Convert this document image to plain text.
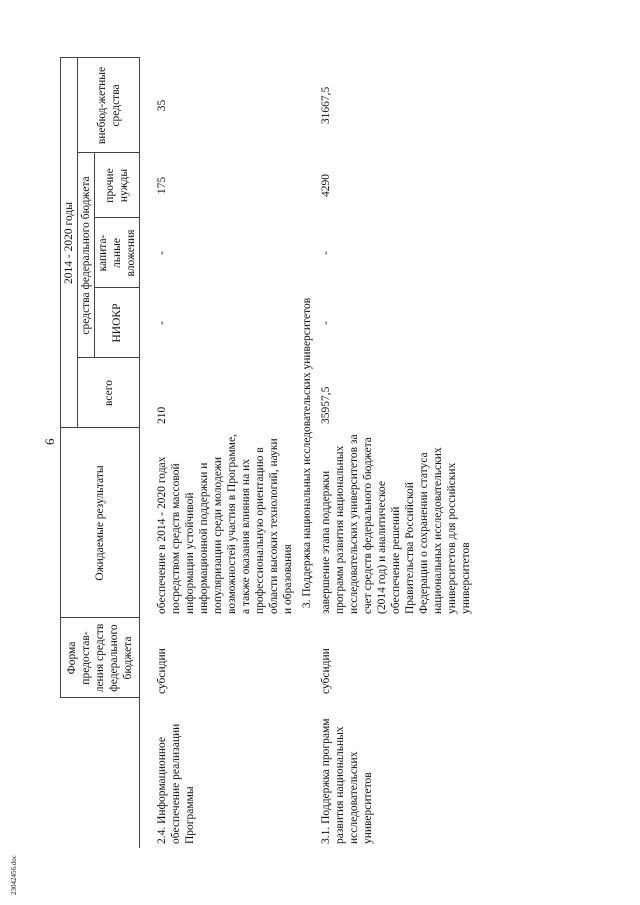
6
23042456.doc
	Форма предостав-ления средств федерального бюджета	Ожидаемые результаты	2014 - 2020 годы				
			всего	средства федерального бюджета			внебюд-жетные средства
				НИОКР	капита-льные вложения	прочие нужды	

2.4. Информационное обеспечение реализации Программы	субсидии	обеспечение в 2014 - 2020 годах посредством средств массовой информации устойчивой информационной поддержки и популяризации среди молодежи возможностей участия в Программе, а также оказания влияния на их профессиональную ориентацию в области высоких технологий, науки и образования	210	-	-	175	35
3. Поддержка национальных исследовательских университетов							
3.1. Поддержка программ развития национальных исследовательских университетов	субсидии	завершение этапа поддержки программ развития национальных исследовательских университетов за счет средств федерального бюджета (2014 год) и аналитическое обеспечение решений Правительства Российской Федерации о сохранении статуса национальных исследовательских университетов для российских университетов	35957,5	-	-	4290	31667,5
